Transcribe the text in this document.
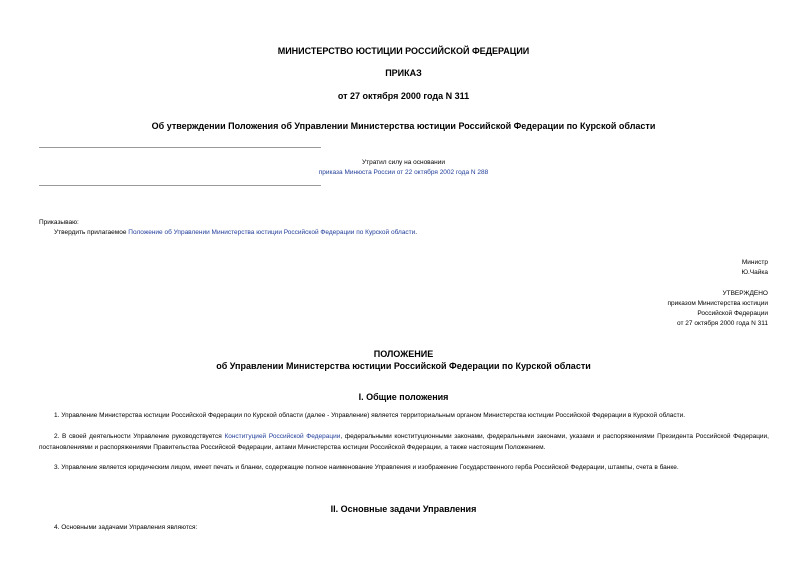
МИНИСТЕРСТВО ЮСТИЦИИ РОССИЙСКОЙ ФЕДЕРАЦИИ
ПРИКАЗ
от 27 октября 2000 года N 311
Об утверждении Положения об Управлении Министерства юстиции Российской Федерации по Курской области
Утратил силу на основании
приказа Минюста России от 22 октября 2002 года N 288
Приказываю:
Утвердить прилагаемое Положение об Управлении Министерства юстиции Российской Федерации по Курской области.
Министр
Ю.Чайка
УТВЕРЖДЕНО
приказом Министерства юстиции
Российской Федерации
от 27 октября 2000 года N 311
ПОЛОЖЕНИЕ
об Управлении Министерства юстиции Российской Федерации по Курской области
I. Общие положения
1. Управление Министерства юстиции Российской Федерации по Курской области (далее - Управление) является территориальным органом Министерства юстиции Российской Федерации в Курской области.
2. В своей деятельности Управление руководствуется Конституцией Российской Федерации, федеральными конституционными законами, федеральными законами, указами и распоряжениями Президента Российской Федерации, постановлениями и распоряжениями Правительства Российской Федерации, актами Министерства юстиции Российской Федерации, а также настоящим Положением.
3. Управление является юридическим лицом, имеет печать и бланки, содержащие полное наименование Управления и изображение Государственного герба Российской Федерации, штампы, счета в банке.
II. Основные задачи Управления
4. Основными задачами Управления являются:
